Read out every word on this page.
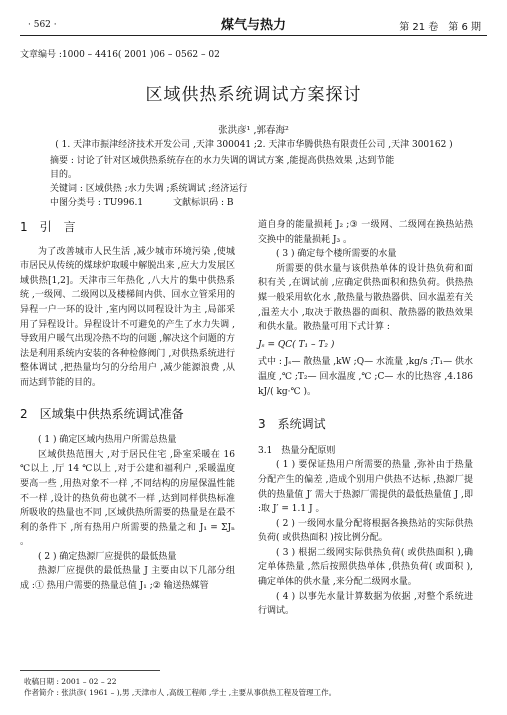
· 562 ·	煤气与热力	第 21 卷　第 6 期
文章编号 :1000 – 4416( 2001 )06 – 0562 – 02
区域供热系统调试方案探讨
张洪彦¹ ,郭春海²
( 1. 天津市振津经济技术开发公司 ,天津 300041 ;2. 天津市华腾供热有限责任公司 ,天津 300162 )
摘要 : 讨论了针对区域供热系统存在的水力失调的调试方案 ,能提高供热效果 ,达到节能
目的。
关键词 : 区域供热 ;水力失调 ;系统调试 ;经济运行
中图分类号 : TU996.1	文献标识码 : B
1　引　言

为了改善城市人民生活 ,减少城市环境污染 ,使城市居民从传统的煤球炉取暖中解脱出来 ,应大力发展区域供热[1,2]。天津市三年热化 ,八大片的集中供热系统 ,一级网、二级网以及楼梯间内供、回水立管采用的异程一户一环的设计 ,室内网以同程设计为主 ,局部采用了异程设计。异程设计不可避免的产生了水力失调 ,导致用户暖气出现冷热不均的问题 ,解决这个问题的方法是利用系统内安装的各种检修阀门 ,对供热系统进行整体调试 ,把热量均匀的分给用户 ,减少能源浪费 ,从而达到节能的目的。

2　区域集中供热系统调试准备

( 1 ) 确定区域内热用户所需总热量

区域供热范围大 ,对于居民住宅 ,卧室采暖在 16 ℃以上 ,厅 14 ℃以上 ,对于公建和福利户 ,采暖温度要高一些 ,用热对象不一样 ,不同结构的房屋保温性能不一样 ,设计的热负荷也就不一样 ,达到同样供热标准所吸收的热量也不同 ,区域供热所需要的热量是在最不利的条件下 ,所有热用户所需要的热量之和 J₁ = ΣJₙ 。

( 2 ) 确定热源厂应提供的最低热量

热源厂应提供的最低热量 J 主要由以下几部分组成 :① 热用户需要的热量总值 J₁ ;② 输送热媒管

道自身的能量损耗 J₂ ;③ 一级网、二级网在换热站热交换中的能量损耗 J₃ 。

( 3 ) 确定每个楼所需要的水量

所需要的供水量与该供热单体的设计热负荷和面积有关 ,在调试前 ,应确定供热面积和热负荷。供热热媒一般采用软化水 ,散热量与散热器供、回水温差有关 ,温差大小 ,取决于散热器的面积、散热器的散热效果和供水量。散热量可用下式计算 :

Jₛ = QC( T₁ – T₂ )

式中 : Jₛ— 散热量 ,kW ;Q— 水流量 ,kg/s ;T₁— 供水温度 ,℃ ;T₂— 回水温度 ,℃ ;C— 水的比热容 ,4.186 kJ/( kg·℃ )。

3　系统调试

3.1　热量分配原则

( 1 ) 要保证热用户所需要的热量 ,弥补由于热量分配产生的偏差 ,造成个别用户供热不达标 ,热源厂提供的热量值 J′ 需大于热源厂需提供的最低热量值 J ,即 :取 J′ = 1.1 J 。

( 2 ) 一级网水量分配将根据各换热站的实际供热负荷( 或供热面积 )按比例分配。

( 3 ) 根据二级网实际供热负荷( 或供热面积 ),确定单体热量 ,然后按照供热单体 ,供热负荷( 或面积 ),确定单体的供水量 ,来分配二级网水量。

( 4 ) 以事先水量计算数据为依据 ,对整个系统进行调试。

收稿日期 : 2001 – 02 – 22
作者简介 : 张洪彦( 1961 – ),男 ,天津市人 ,高级工程师 ,学士 ,主要从事供热工程及管理工作。
